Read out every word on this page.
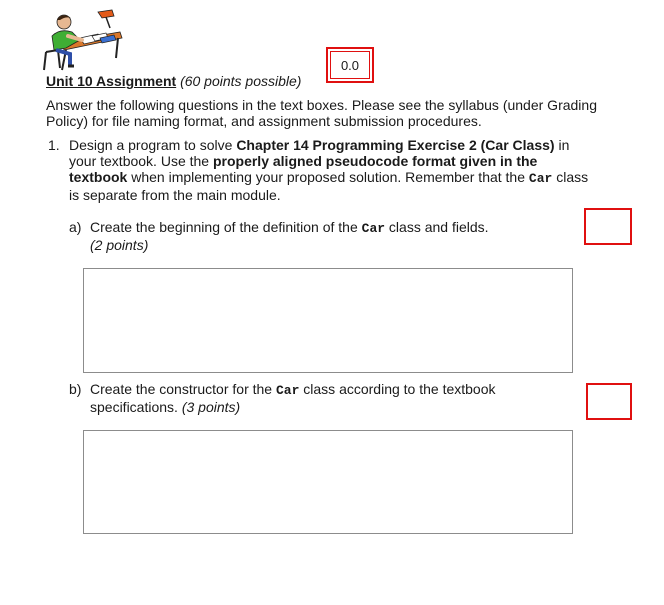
0.0
Unit 10 Assignment (60 points possible)
Answer the following questions in the text boxes. Please see the syllabus (under Grading Policy) for file naming format, and assignment submission procedures.
1. Design a program to solve Chapter 14 Programming Exercise 2 (Car Class) in your textbook. Use the properly aligned pseudocode format given in the textbook when implementing your proposed solution. Remember that the Car class is separate from the main module.
a) Create the beginning of the definition of the Car class and fields.
(2 points)
b) Create the constructor for the Car class according to the textbook specifications. (3 points)
